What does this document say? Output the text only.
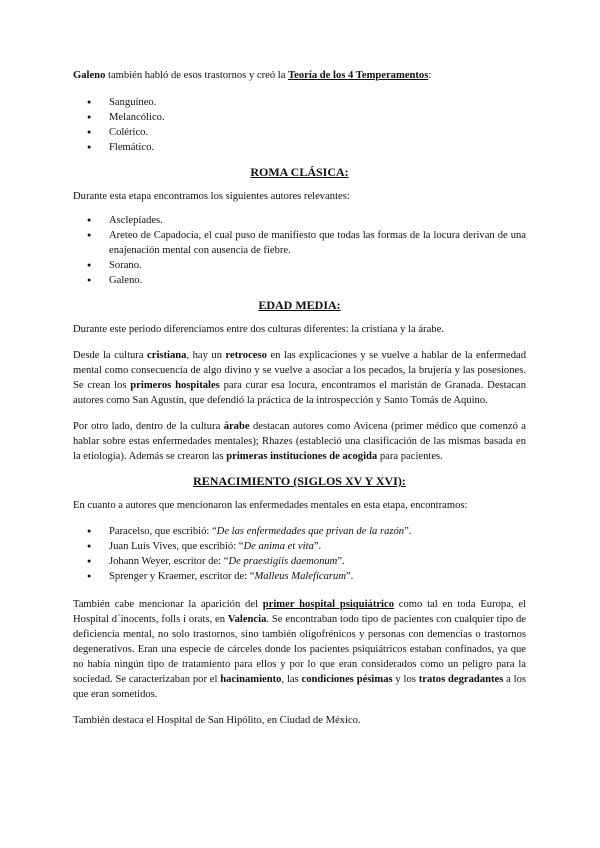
Galeno también habló de esos trastornos y creó la Teoría de los 4 Temperamentos:

● Sanguíneo.
● Melancólico.
● Colérico.
● Flemático.
ROMA CLÁSICA:

Durante esta etapa encontramos los siguientes autores relevantes:

● Asclepíades.
● Areteo de Capadocia, el cual puso de manifiesto que todas las formas de la locura derivan de una enajenación mental con ausencia de fiebre.
● Sorano.
● Galeno.
EDAD MEDIA:

Durante este periodo diferenciamos entre dos culturas diferentes: la cristiana y la árabe.

Desde la cultura cristiana, hay un retroceso en las explicaciones y se vuelve a hablar de la enfermedad mental como consecuencia de algo divino y se vuelve a asociar a los pecados, la brujería y las posesiones. Se crean los primeros hospitales para curar esa locura, encontramos el maristán de Granada. Destacan autores como San Agustín, que defendió la práctica de la introspección y Santo Tomás de Aquino.

Por otro lado, dentro de la cultura árabe destacan autores como Avicena (primer médico que comenzó a hablar sobre estas enfermedades mentales); Rhazes (estableció una clasificación de las mismas basada en la etiología). Además se crearon las primeras instituciones de acogida para pacientes.

RENACIMIENTO (SIGLOS XV Y XVI):

En cuanto a autores que mencionaron las enfermedades mentales en esta etapa, encontramos:

● Paracelso, que escribió: “De las enfermedades que privan de la razón”.
● Juan Luis Vives, que escribió: “De anima et vita”.
● Johann Weyer, escritor de: “De praestigiis daemonum”.
● Sprenger y Kraemer, escritor de: “Malleus Maleficarum”.

También cabe mencionar la aparición del primer hospital psiquiátrico como tal en toda Europa, el Hospital d´inocents, folls i orats, en Valencia. Se encontraban todo tipo de pacientes con cualquier tipo de deficiencia mental, no solo trastornos, sino también oligofrénicos y personas con demencias o trastornos degenerativos. Eran una especie de cárceles donde los pacientes psiquiátricos estaban confinados, ya que no había ningún tipo de tratamiento para ellos y por lo que eran considerados como un peligro para la sociedad. Se caracterizaban por el hacinamiento, las condiciones pésimas y los tratos degradantes a los que eran sometidos.

También destaca el Hospital de San Hipólito, en Ciudad de México.
